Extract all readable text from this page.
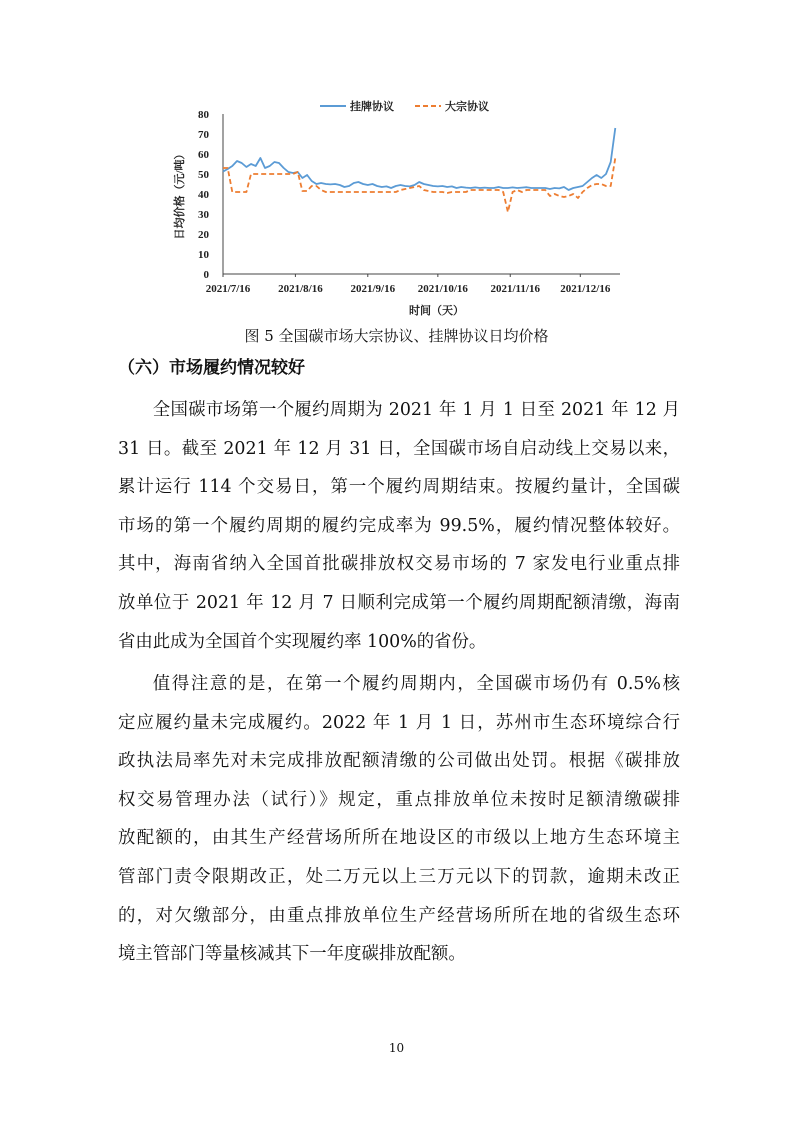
0
10
20
30
40
50
60
70
80
2021/7/16	2021/8/16	2021/9/16 2021/10/16 2021/11/16 2021/12/16
挂牌协议	大宗协议
日均价格（元/吨）
时间（天）
图 5 全国碳市场大宗协议、挂牌协议日均价格
（六）市场履约情况较好
全国碳市场第一个履约周期为 2021 年 1 月 1 日至 2021 年 12 月
31 日。截至 2021 年 12 月 31 日，全国碳市场自启动线上交易以来，
累计运行 114 个交易日，第一个履约周期结束。按履约量计，全国碳
市场的第一个履约周期的履约完成率为 99.5%，履约情况整体较好。
其中，海南省纳入全国首批碳排放权交易市场的 7 家发电行业重点排
放单位于 2021 年 12 月 7 日顺利完成第一个履约周期配额清缴，海南
省由此成为全国首个实现履约率 100%的省份。
值得注意的是，在第一个履约周期内，全国碳市场仍有 0.5%核
定应履约量未完成履约。2022 年 1 月 1 日，苏州市生态环境综合行
政执法局率先对未完成排放配额清缴的公司做出处罚。根据《碳排放
权交易管理办法（试行）》规定，重点排放单位未按时足额清缴碳排
放配额的，由其生产经营场所所在地设区的市级以上地方生态环境主
管部门责令限期改正，处二万元以上三万元以下的罚款，逾期未改正
的，对欠缴部分，由重点排放单位生产经营场所所在地的省级生态环
境主管部门等量核减其下一年度碳排放配额。
10
